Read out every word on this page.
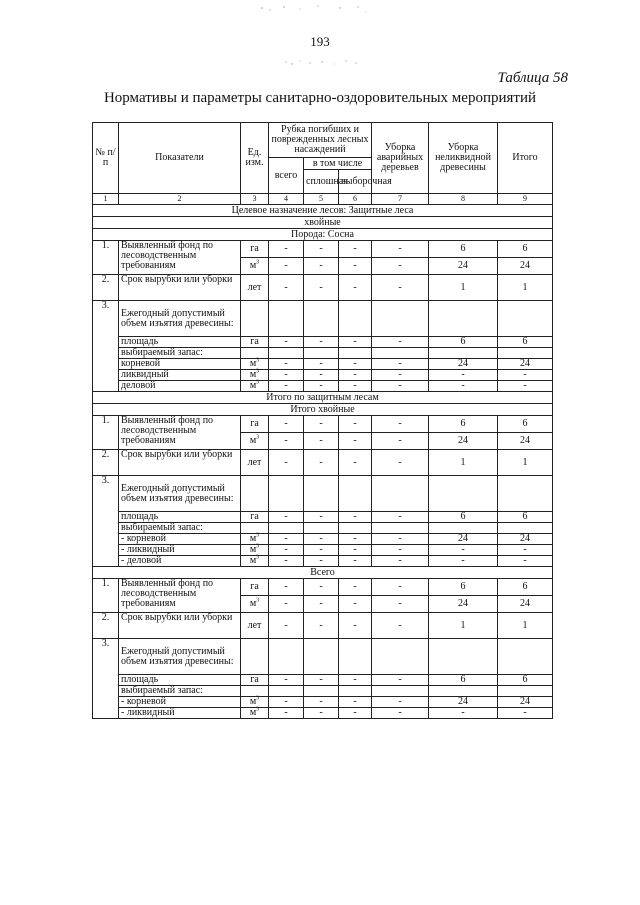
193
Таблица 58
Нормативы и параметры санитарно-оздоровительных мероприятий
№ п/п	Показатели	Ед. изм.	Рубка погибших и поврежденных лесных насаждений			Уборка аварийных деревьев	Уборка неликвидной древесины	Итого
			всего	в том числе				
				сплошная	выборочная			
1	2	3	4	5	6	7	8	9
Целевое назначение лесов: Защитные леса								
хвойные								
Порода: Сосна								
1.	Выявленный фонд по лесоводственным требованиям	га	-	-	-	-	6	6
		$м^3$	-	-	-	-	24	24
2.	Срок вырубки или уборки	лет	-	-	-	-	1	1
3.	Ежегодный допустимый объем изъятия древесины:							
	площадь	га	-	-	-	-	6	6
	выбираемый запас:							
	корневой	$м^3$	-	-	-	-	24	24
	ликвидный	$м^3$	-	-	-	-	-	-
	деловой	$м^3$	-	-	-	-	-	-
Итого по защитным лесам								
Итого хвойные								
1.	Выявленный фонд по лесоводственным требованиям	га	-	-	-	-	6	6
		$м^3$	-	-	-	-	24	24
2.	Срок вырубки или уборки	лет	-	-	-	-	1	1
3.	Ежегодный допустимый объем изъятия древесины:							
	площадь	га	-	-	-	-	6	6
	выбираемый запас:							
	- корневой	$м^3$	-	-	-	-	24	24
	- ликвидный	$м^3$	-	-	-	-	-	-
	- деловой	$м^3$	-	-	-	-	-	-
Всего								
1.	Выявленный фонд по лесоводственным требованиям	га	-	-	-	-	6	6
		$м^3$	-	-	-	-	24	24
2.	Срок вырубки или уборки	лет	-	-	-	-	1	1
3.	Ежегодный допустимый объем изъятия древесины:							
	площадь	га	-	-	-	-	6	6
	выбираемый запас:							
	- корневой	$м^3$	-	-	-	-	24	24
	- ликвидный	$м^3$	-	-	-	-	-	-
